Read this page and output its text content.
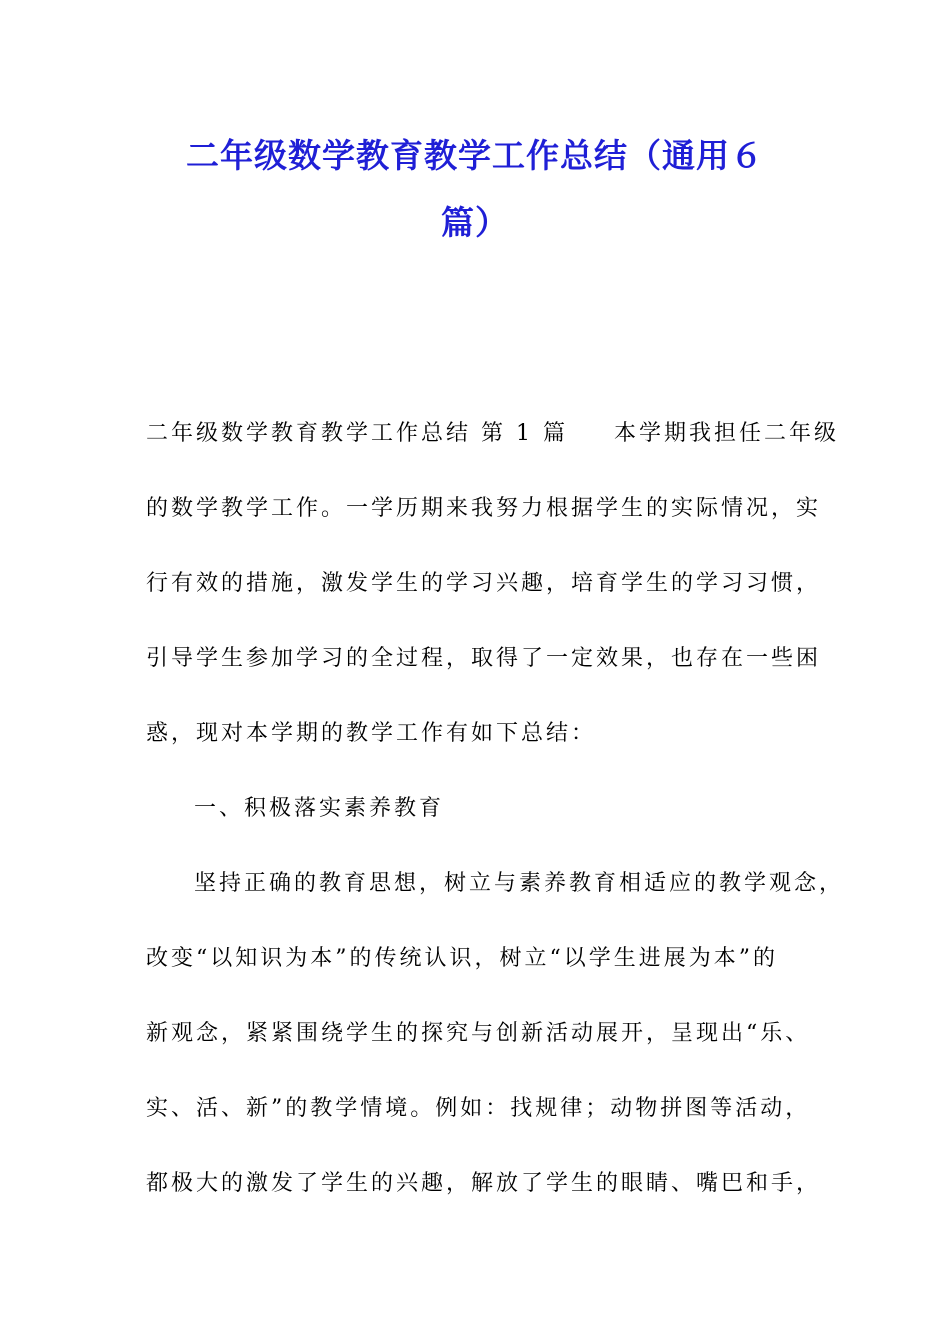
二年级数学教育教学工作总结（通用６
篇）
二年级数学教育教学工作总结 第 1 篇 本学期我担任二年级
的数学教学工作。一学历期来我努力根据学生的实际情况，实
行有效的措施，激发学生的学习兴趣，培育学生的学习习惯，
引导学生参加学习的全过程，取得了一定效果，也存在一些困
惑，现对本学期的教学工作有如下总结：
一、积极落实素养教育
坚持正确的教育思想，树立与素养教育相适应的教学观念，
改变“以知识为本”的传统认识，树立“以学生进展为本”的
新观念，紧紧围绕学生的探究与创新活动展开，呈现出“乐、
实、活、新”的教学情境。例如：找规律；动物拼图等活动，
都极大的激发了学生的兴趣，解放了学生的眼睛、嘴巴和手，
